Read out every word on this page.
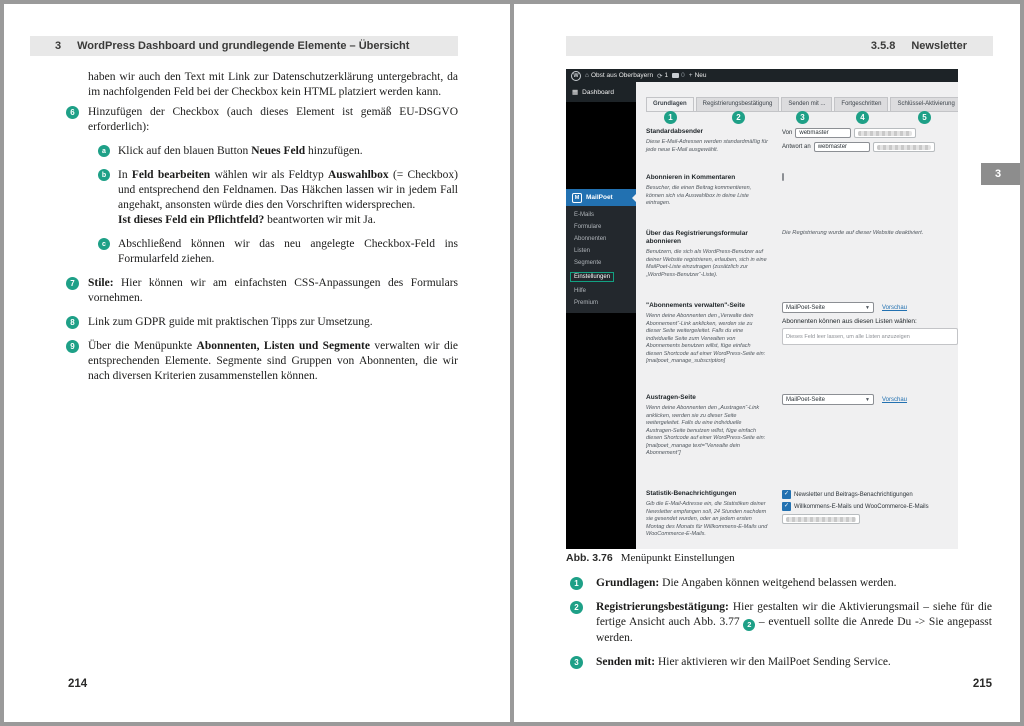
3 WordPress Dashboard und grundlegende Elemente – Übersicht
haben wir auch den Text mit Link zur Datenschutzerklärung untergebracht, da im nachfolgenden Feld bei der Checkbox kein HTML platziert werden kann.
6	Hinzufügen der Checkbox (auch dieses Element ist gemäß EU-DSGVO erforderlich):
a	Klick auf den blauen Button Neues Feld hinzufügen.
b	In Feld bearbeiten wählen wir als Feldtyp Auswahlbox (= Checkbox) und entsprechend den Feldnamen. Das Häkchen lassen wir in jedem Fall angehakt, ansonsten würde dies den Vorschriften widersprechen.
Ist dieses Feld ein Pflichtfeld? beantworten wir mit Ja.
c	Abschließend können wir das neu angelegte Checkbox-Feld ins Formularfeld ziehen.
7	Stile: Hier können wir am einfachsten CSS-Anpassungen des Formulars vornehmen.
8	Link zum GDPR guide mit praktischen Tipps zur Umsetzung.
9	Über die Menüpunkte Abonnenten, Listen und Segmente verwalten wir die entsprechenden Elemente. Segmente sind Gruppen von Abonnenten, die wir nach diversen Kriterien zusammenstellen können.
214
3.5.8 Newsletter
3
W ⌂ Obst aus Oberbayern ⟳ 1 0 + Neu
▦ Dashboard
M	MailPoet
E-Mails
Formulare
Abonnenten
Listen
Segmente
Einstellungen
Hilfe
Premium
Grundlagen	Registrierungsbestätigung	Senden mit ...	Fortgeschritten	Schlüssel-Aktivierung
1	2	3	4	5
Standardabsender
Diese E-Mail-Adressen werden standardmäßig für jede neue E-Mail ausgewählt.
Von
webmaster
Antwort an
webmaster
Abonnieren in Kommentaren
Besucher, die einen Beitrag kommentieren, können sich via Auswahlbox in deine Liste eintragen.
Über das Registrierungsformular abonnieren
Benutzern, die sich als WordPress-Benutzer auf deiner Website registrieren, erlauben, sich in eine MailPoet-Liste einzutragen (zusätzlich zur „WordPress-Benutzer“-Liste).
Die Registrierung wurde auf dieser Website deaktiviert.
"Abonnements verwalten"-Seite
Wenn deine Abonnenten den „Verwalte dein Abonnement“-Link anklicken, werden sie zu dieser Seite weitergeleitet. Falls du eine individuelle Seite zum Verwalten von Abonnements benutzen willst, füge einfach diesen Shortcode auf einer WordPress-Seite ein: [mailpoet_manage_subscription]
MailPoet-Seite	▼ Vorschau
Abonnenten können aus diesen Listen wählen:
Dieses Feld leer lassen, um alle Listen anzuzeigen
Austragen-Seite
Wenn deine Abonnenten den „Austragen“-Link anklicken, werden sie zu dieser Seite weitergeleitet. Falls du eine individuelle Austragen-Seite benutzen willst, füge einfach diesen Shortcode auf einer WordPress-Seite ein: [mailpoet_manage text="Verwalte dein Abonnement"]
MailPoet-Seite	▼ Vorschau
Statistik-Benachrichtigungen
Gib die E-Mail-Adresse ein, die Statistiken deiner Newsletter empfangen soll, 24 Stunden nachdem sie gesendet wurden, oder an jedem ersten Montag des Monats für Willkommens-E-Mails und WooCommerce-E-Mails.
✓ Newsletter und Beitrags-Benachrichtigungen
✓ Willkommens-E-Mails und WooCommerce-E-Mails
Abb. 3.76 Menüpunkt Einstellungen
1	Grundlagen: Die Angaben können weitgehend belassen werden.
2	Registrierungsbestätigung: Hier gestalten wir die Aktivierungsmail – siehe für die fertige Ansicht auch Abb. 3.77 2 – eventuell sollte die Anrede Du -> Sie angepasst werden.
3	Senden mit: Hier aktivieren wir den MailPoet Sending Service.
215
